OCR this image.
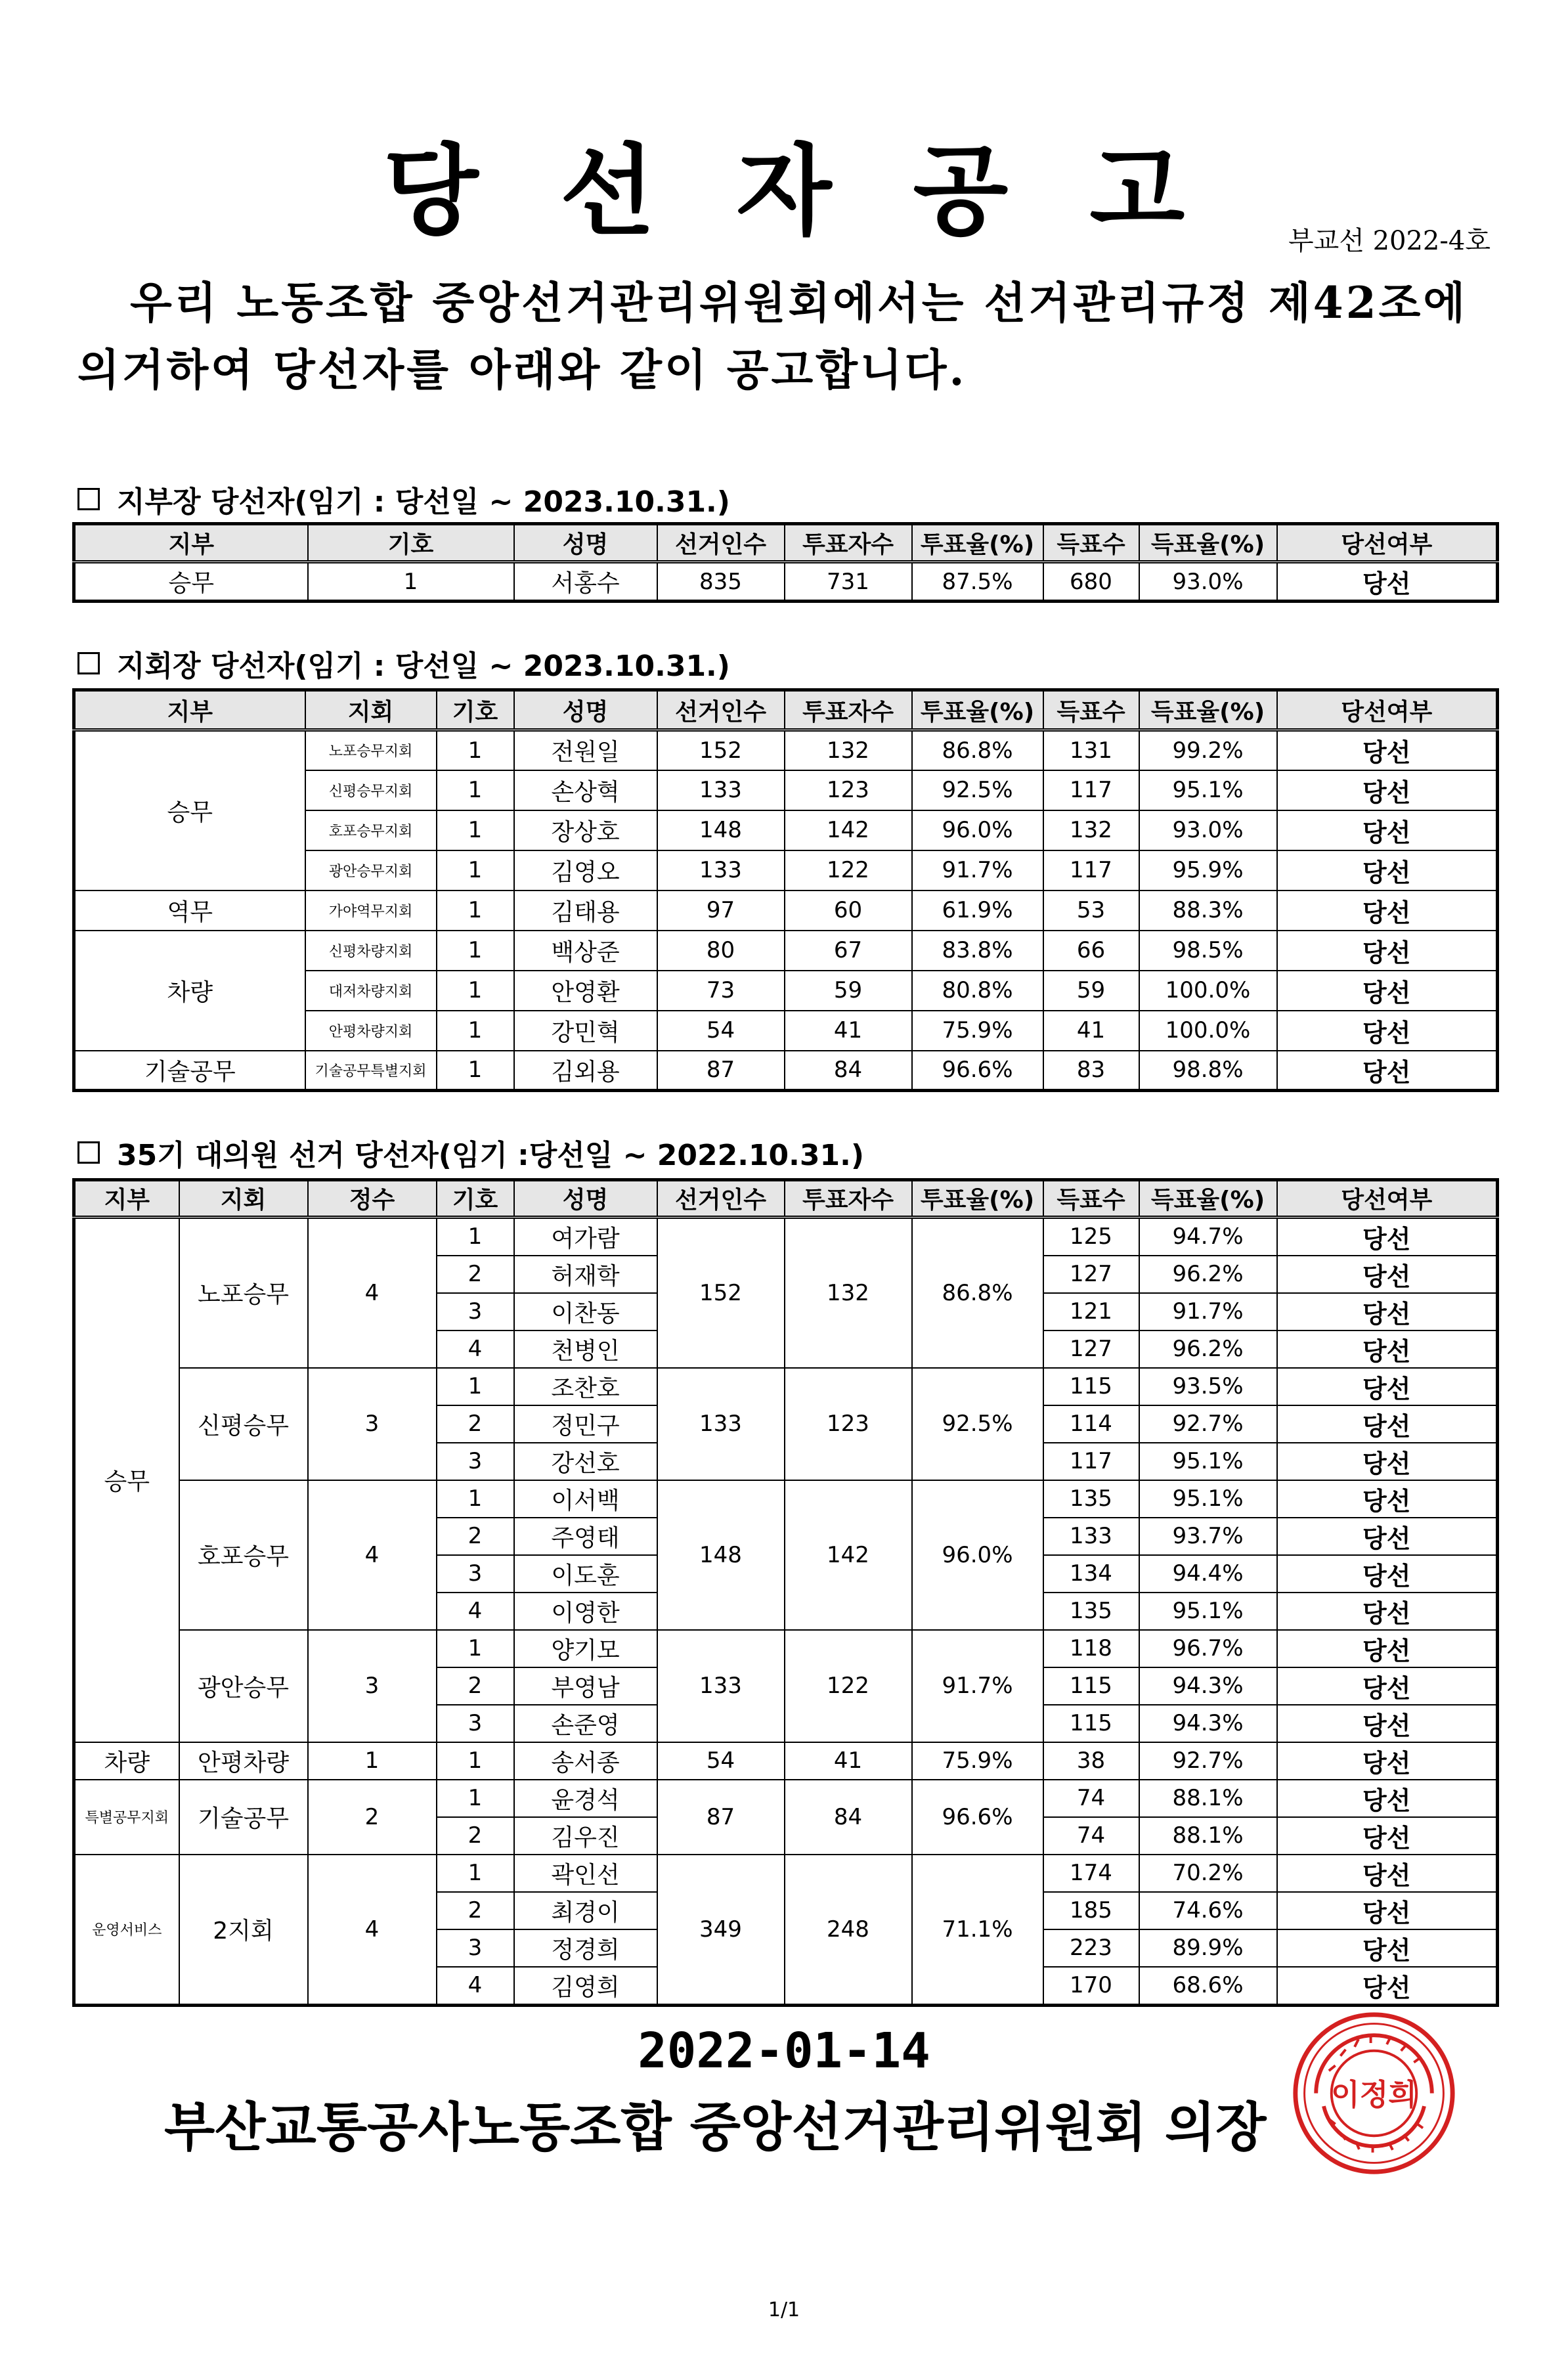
당 선 자 공 고	부교선 2022-4호
우리 노동조합 중앙선거관리위원회에서는 선거관리규정 제42조에 의거하여 당선자를 아래와 같이 공고합니다.
지부장 당선자(임기 : 당선일 ~ 2023.10.31.)
지부	기호	성명	선거인수	투표자수	투표율(%)	득표수	득표율(%)	당선여부
승무	1	서홍수	835	731	87.5%	680	93.0%	당선
지회장 당선자(임기 : 당선일 ~ 2023.10.31.)
지부	지회	기호	성명	선거인수	투표자수	투표율(%)	득표수	득표율(%)	당선여부
승무	노포승무지회	1	전원일	152	132	86.8%	131	99.2%	당선
	신평승무지회	1	손상혁	133	123	92.5%	117	95.1%	당선
	호포승무지회	1	장상호	148	142	96.0%	132	93.0%	당선
	광안승무지회	1	김영오	133	122	91.7%	117	95.9%	당선
역무	가야역무지회	1	김태용	97	60	61.9%	53	88.3%	당선
차량	신평차량지회	1	백상준	80	67	83.8%	66	98.5%	당선
	대저차량지회	1	안영환	73	59	80.8%	59	100.0%	당선
	안평차량지회	1	강민혁	54	41	75.9%	41	100.0%	당선
기술공무	기술공무특별지회	1	김외용	87	84	96.6%	83	98.8%	당선
35기 대의원 선거 당선자(임기 :당선일 ~ 2022.10.31.)
지부	지회	정수	기호	성명	선거인수	투표자수	투표율(%)	득표수	득표율(%)	당선여부
승무	노포승무	4	1	여가람	152	132	86.8%	125	94.7%	당선
			2	허재학				127	96.2%	당선
			3	이찬동				121	91.7%	당선
			4	천병인				127	96.2%	당선
	신평승무	3	1	조찬호	133	123	92.5%	115	93.5%	당선
			2	정민구				114	92.7%	당선
			3	강선호				117	95.1%	당선
	호포승무	4	1	이서백	148	142	96.0%	135	95.1%	당선
			2	주영태				133	93.7%	당선
			3	이도훈				134	94.4%	당선
			4	이영한				135	95.1%	당선
	광안승무	3	1	양기모	133	122	91.7%	118	96.7%	당선
			2	부영남				115	94.3%	당선
			3	손준영				115	94.3%	당선
차량	안평차량	1	1	송서종	54	41	75.9%	38	92.7%	당선
특별공무지회	기술공무	2	1	윤경석	87	84	96.6%	74	88.1%	당선
			2	김우진				74	88.1%	당선
운영서비스	2지회	4	1	곽인선	349	248	71.1%	174	70.2%	당선
			2	최경이				185	74.6%	당선
			3	정경희				223	89.9%	당선
			4	김영희				170	68.6%	당선
2022-01-14
부산교통공사노동조합 중앙선거관리위원회 의장
이정희
1/1
